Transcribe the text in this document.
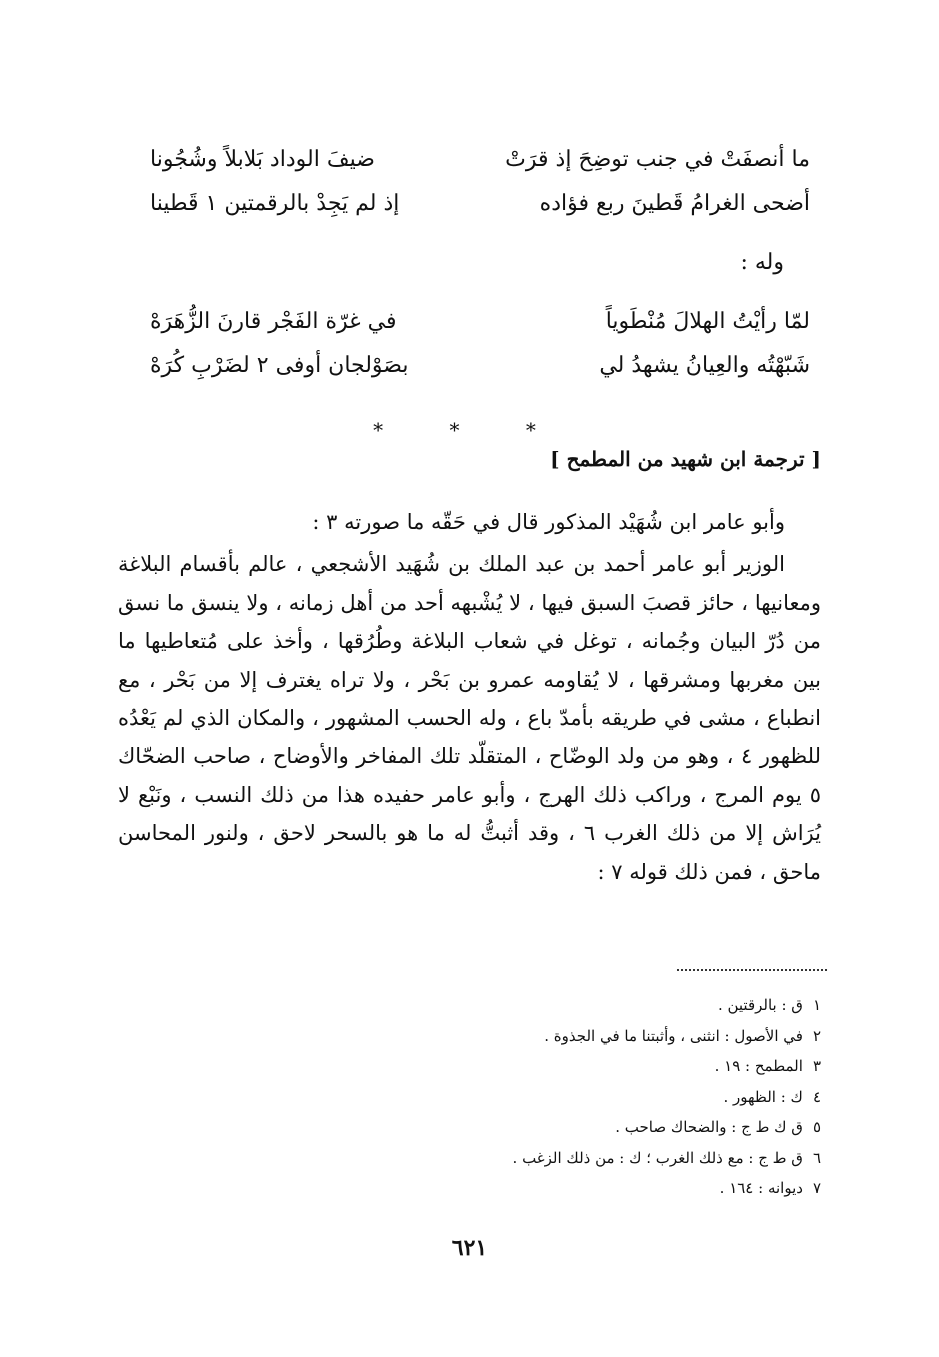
ما أنصفَتْ في جنب توضِحَ إذ قرَتْ
ضيفَ الوداد بَلابلاً وشُجُونا
أضحى الغرامُ قَطينَ ربع فؤاده
إذ لم يَجِدْ بالرقمتين ١ قَطينا
وله :
لمّا رأيْتُ الهلالَ مُنْطَوياً
في غرّة الفَجْر قارنَ الزُّهَرَهْ
شَبّهْتُه والعِيانُ يشهدُ لي
بصَوْلجان أوفى ٢ لضَرْبِ كُرَهْ
* * *
[ ترجمة ابن شهيد من المطمح ]

وأبو عامر ابن شُهَيْد المذكور قال في حَقّه ما صورته ٣ :

الوزير أبو عامر أحمد بن عبد الملك بن شُهَيد الأشجعي ، عالم بأقسام البلاغة ومعانيها ، حائز قصبَ السبق فيها ، لا يُشْبهه أحد من أهل زمانه ، ولا ينسق ما نسق من دُرّ البيان وجُمانه ، توغل في شعاب البلاغة وطُرُقها ، وأخذ على مُتعاطيها ما بين مغربها ومشرقها ، لا يُقاومه عمرو بن بَحْر ، ولا تراه يغترف إلا من بَحْر ، مع انطباع ، مشى في طريقه بأمدّ باع ، وله الحسب المشهور ، والمكان الذي لم يَعْدُه للظهور ٤ ، وهو من ولد الوضّاح ، المتقلّد تلك المفاخر والأوضاح ، صاحب الضحّاك ٥ يوم المرج ، وراكب ذلك الهرج ، وأبو عامر حفيده هذا من ذلك النسب ، ونَبْع لا يُرَاش إلا من ذلك الغرب ٦ ، وقد أثبتُّ له ما هو بالسحر لاحق ، ولنور المحاسن ماحق ، فمن ذلك قوله ٧ :

١ق : بالرقتين .
٢في الأصول : انثنى ، وأثبتنا ما في الجذوة .
٣المطمح : ١٩ .
٤ك : الظهور .
٥ق ك ط ج : والضحاك صاحب .
٦ق ط ج : مع ذلك الغرب ؛ ك : من ذلك الزغب .
٧ديوانه : ١٦٤ .
٦٢١
